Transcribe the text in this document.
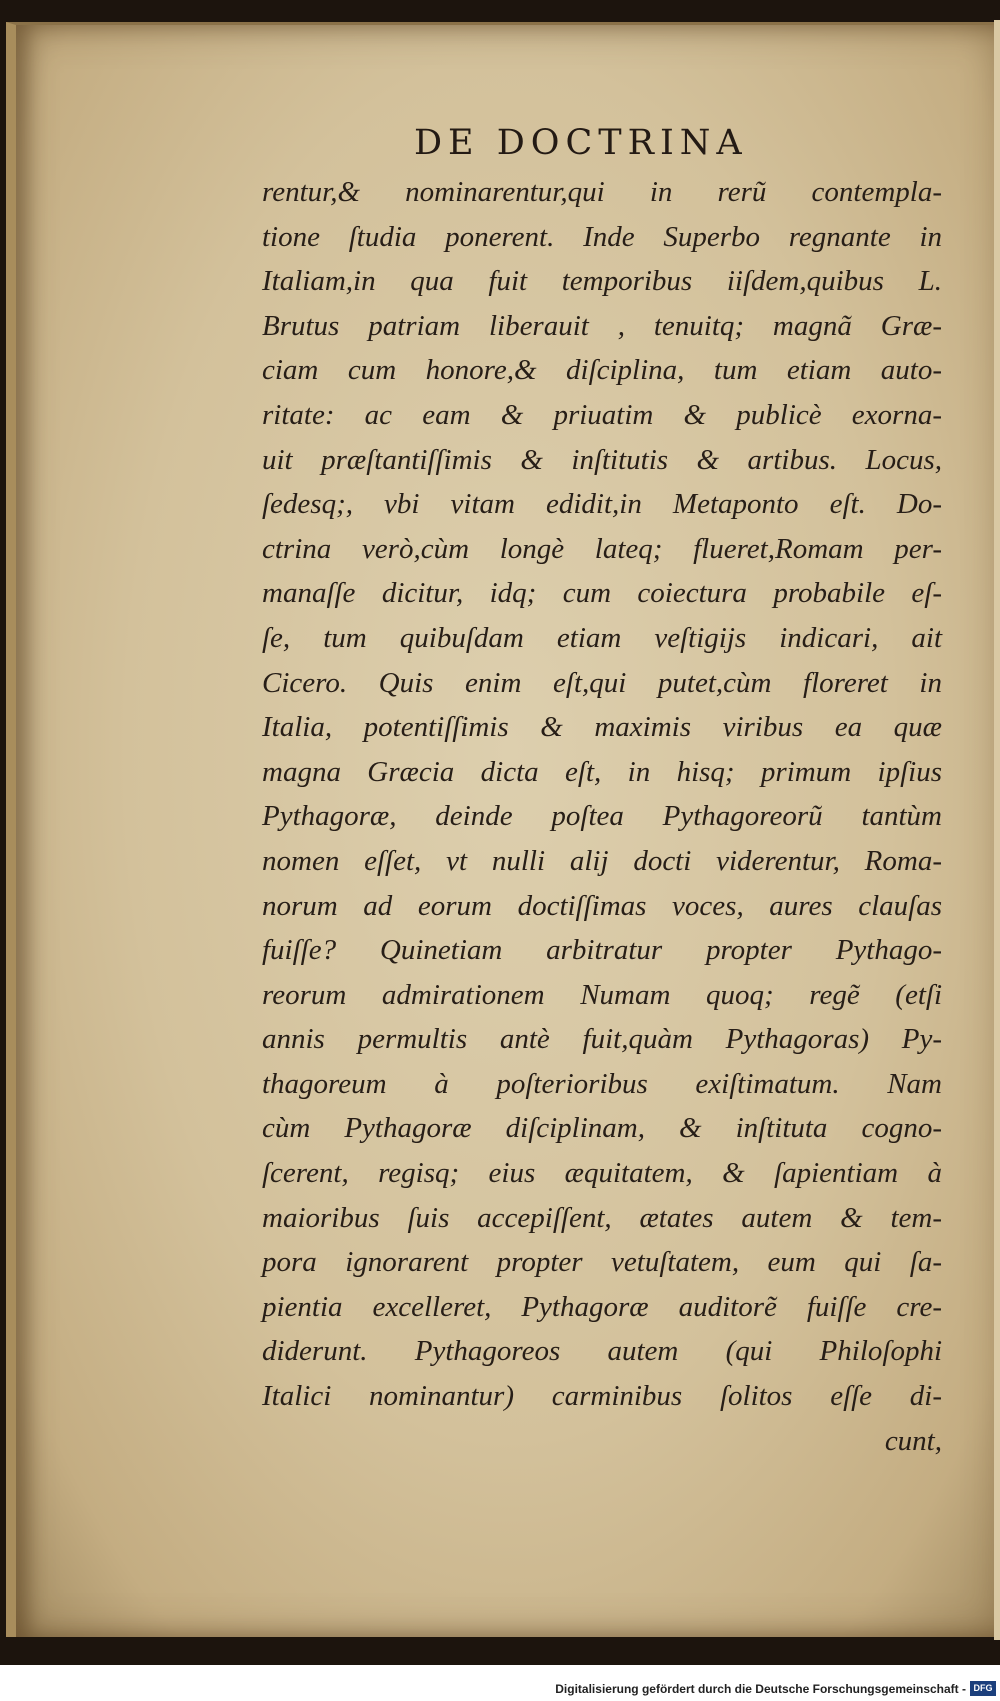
DE DOCTRINA
rentur,& nominarentur,qui in rerũ contempla-
tione ſtudia ponerent. Inde Superbo regnante in
Italiam,in qua fuit temporibus iiſdem,quibus L.
Brutus patriam liberauit , tenuitq; magnã Græ-
ciam cum honore,& diſciplina, tum etiam auto-
ritate: ac eam & priuatim & publicè exorna-
uit præſtantiſſimis & inſtitutis & artibus. Locus,
ſedesq;, vbi vitam edidit,in Metaponto eſt. Do-
ctrina verò,cùm longè lateq; flueret,Romam per-
manaſſe dicitur, idq; cum coiectura probabile eſ-
ſe, tum quibuſdam etiam veſtigijs indicari, ait
Cicero. Quis enim eſt,qui putet,cùm floreret in
Italia, potentiſſimis & maximis viribus ea quæ
magna Græcia dicta eſt, in hisq; primum ipſius
Pythagoræ, deinde poſtea Pythagoreorũ tantùm
nomen eſſet, vt nulli alij docti viderentur, Roma-
norum ad eorum doctiſſimas voces, aures clauſas
fuiſſe? Quinetiam arbitratur propter Pythago-
reorum admirationem Numam quoq; regẽ (etſi
annis permultis antè fuit,quàm Pythagoras) Py-
thagoreum à poſterioribus exiſtimatum. Nam
cùm Pythagoræ diſciplinam, & inſtituta cogno-
ſcerent, regisq; eius æquitatem, & ſapientiam à
maioribus ſuis accepiſſent, ætates autem & tem-
pora ignorarent propter vetuſtatem, eum qui ſa-
pientia excelleret, Pythagoræ auditorẽ fuiſſe cre-
diderunt. Pythagoreos autem (qui Philoſophi
Italici nominantur) carminibus ſolitos eſſe di-
cunt,
Digitalisierung gefördert durch die Deutsche Forschungsgemeinschaft - DFG
